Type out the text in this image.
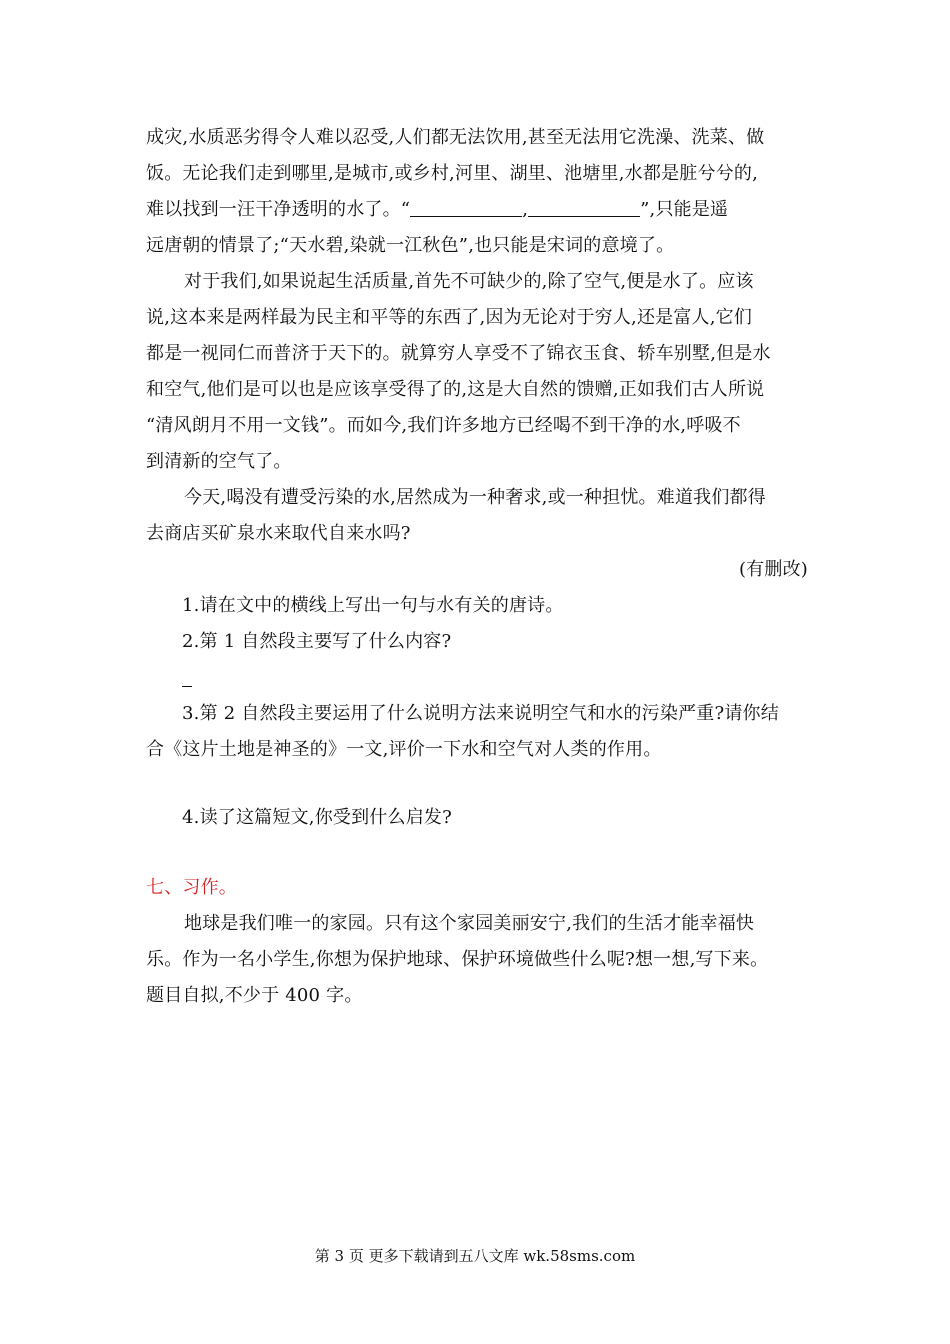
成灾,水质恶劣得令人难以忍受,人们都无法饮用,甚至无法用它洗澡、洗菜、做
饭。无论我们走到哪里,是城市,或乡村,河里、湖里、池塘里,水都是脏兮兮的,
难以找到一汪干净透明的水了。“	,	”,只能是遥
远唐朝的情景了;“天水碧,染就一江秋色”,也只能是宋词的意境了。
对于我们,如果说起生活质量,首先不可缺少的,除了空气,便是水了。应该
说,这本来是两样最为民主和平等的东西了,因为无论对于穷人,还是富人,它们
都是一视同仁而普济于天下的。就算穷人享受不了锦衣玉食、轿车别墅,但是水
和空气,他们是可以也是应该享受得了的,这是大自然的馈赠,正如我们古人所说
“清风朗月不用一文钱”。而如今,我们许多地方已经喝不到干净的水,呼吸不
到清新的空气了。
今天,喝没有遭受污染的水,居然成为一种奢求,或一种担忧。难道我们都得
去商店买矿泉水来取代自来水吗?
(有删改)
1.请在文中的横线上写出一句与水有关的唐诗。
2.第 1 自然段主要写了什么内容?
3.第 2 自然段主要运用了什么说明方法来说明空气和水的污染严重?请你结
合《这片土地是神圣的》一文,评价一下水和空气对人类的作用。
4.读了这篇短文,你受到什么启发?
七、习作。
地球是我们唯一的家园。只有这个家园美丽安宁,我们的生活才能幸福快
乐。作为一名小学生,你想为保护地球、保护环境做些什么呢?想一想,写下来。
题目自拟,不少于 400 字。
第 3 页 更多下载请到五八文库 wk.58sms.com
